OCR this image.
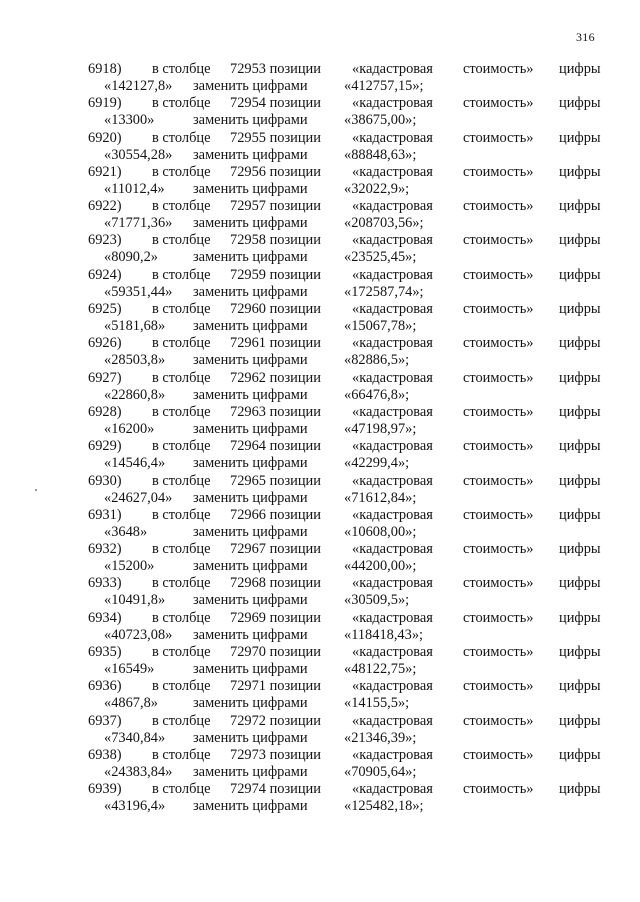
316
6918) в столбце 72953 позиции «кадастровая стоимость» цифры
«142127,8» заменить цифрами	«412757,15»;
6919) в столбце 72954 позиции «кадастровая стоимость» цифры
«13300»	заменить цифрами	«38675,00»;
6920) в столбце 72955 позиции «кадастровая стоимость» цифры
«30554,28» заменить цифрами	«88848,63»;
6921) в столбце 72956 позиции «кадастровая стоимость» цифры
«11012,4» заменить цифрами	«32022,9»;
6922) в столбце 72957 позиции «кадастровая стоимость» цифры
«71771,36» заменить цифрами	«208703,56»;
6923) в столбце 72958 позиции «кадастровая стоимость» цифры
«8090,2» заменить цифрами	«23525,45»;
6924) в столбце 72959 позиции «кадастровая стоимость» цифры
«59351,44» заменить цифрами	«172587,74»;
6925) в столбце 72960 позиции «кадастровая стоимость» цифры
«5181,68» заменить цифрами	«15067,78»;
6926) в столбце 72961 позиции «кадастровая стоимость» цифры
«28503,8» заменить цифрами	«82886,5»;
6927) в столбце 72962 позиции «кадастровая стоимость» цифры
«22860,8» заменить цифрами	«66476,8»;
6928) в столбце 72963 позиции «кадастровая стоимость» цифры
«16200»	заменить цифрами	«47198,97»;
6929) в столбце 72964 позиции «кадастровая стоимость» цифры
«14546,4» заменить цифрами	«42299,4»;
6930) в столбце 72965 позиции «кадастровая стоимость» цифры
«24627,04» заменить цифрами	«71612,84»;
6931) в столбце 72966 позиции «кадастровая стоимость» цифры
«3648»	заменить цифрами	«10608,00»;
6932) в столбце 72967 позиции «кадастровая стоимость» цифры
«15200»	заменить цифрами	«44200,00»;
6933) в столбце 72968 позиции «кадастровая стоимость» цифры
«10491,8» заменить цифрами	«30509,5»;
6934) в столбце 72969 позиции «кадастровая стоимость» цифры
«40723,08» заменить цифрами	«118418,43»;
6935) в столбце 72970 позиции «кадастровая стоимость» цифры
«16549»	заменить цифрами	«48122,75»;
6936) в столбце 72971 позиции «кадастровая стоимость» цифры
«4867,8» заменить цифрами	«14155,5»;
6937) в столбце 72972 позиции «кадастровая стоимость» цифры
«7340,84» заменить цифрами	«21346,39»;
6938) в столбце 72973 позиции «кадастровая стоимость» цифры
«24383,84» заменить цифрами	«70905,64»;
6939) в столбце 72974 позиции «кадастровая стоимость» цифры
«43196,4» заменить цифрами	«125482,18»;
